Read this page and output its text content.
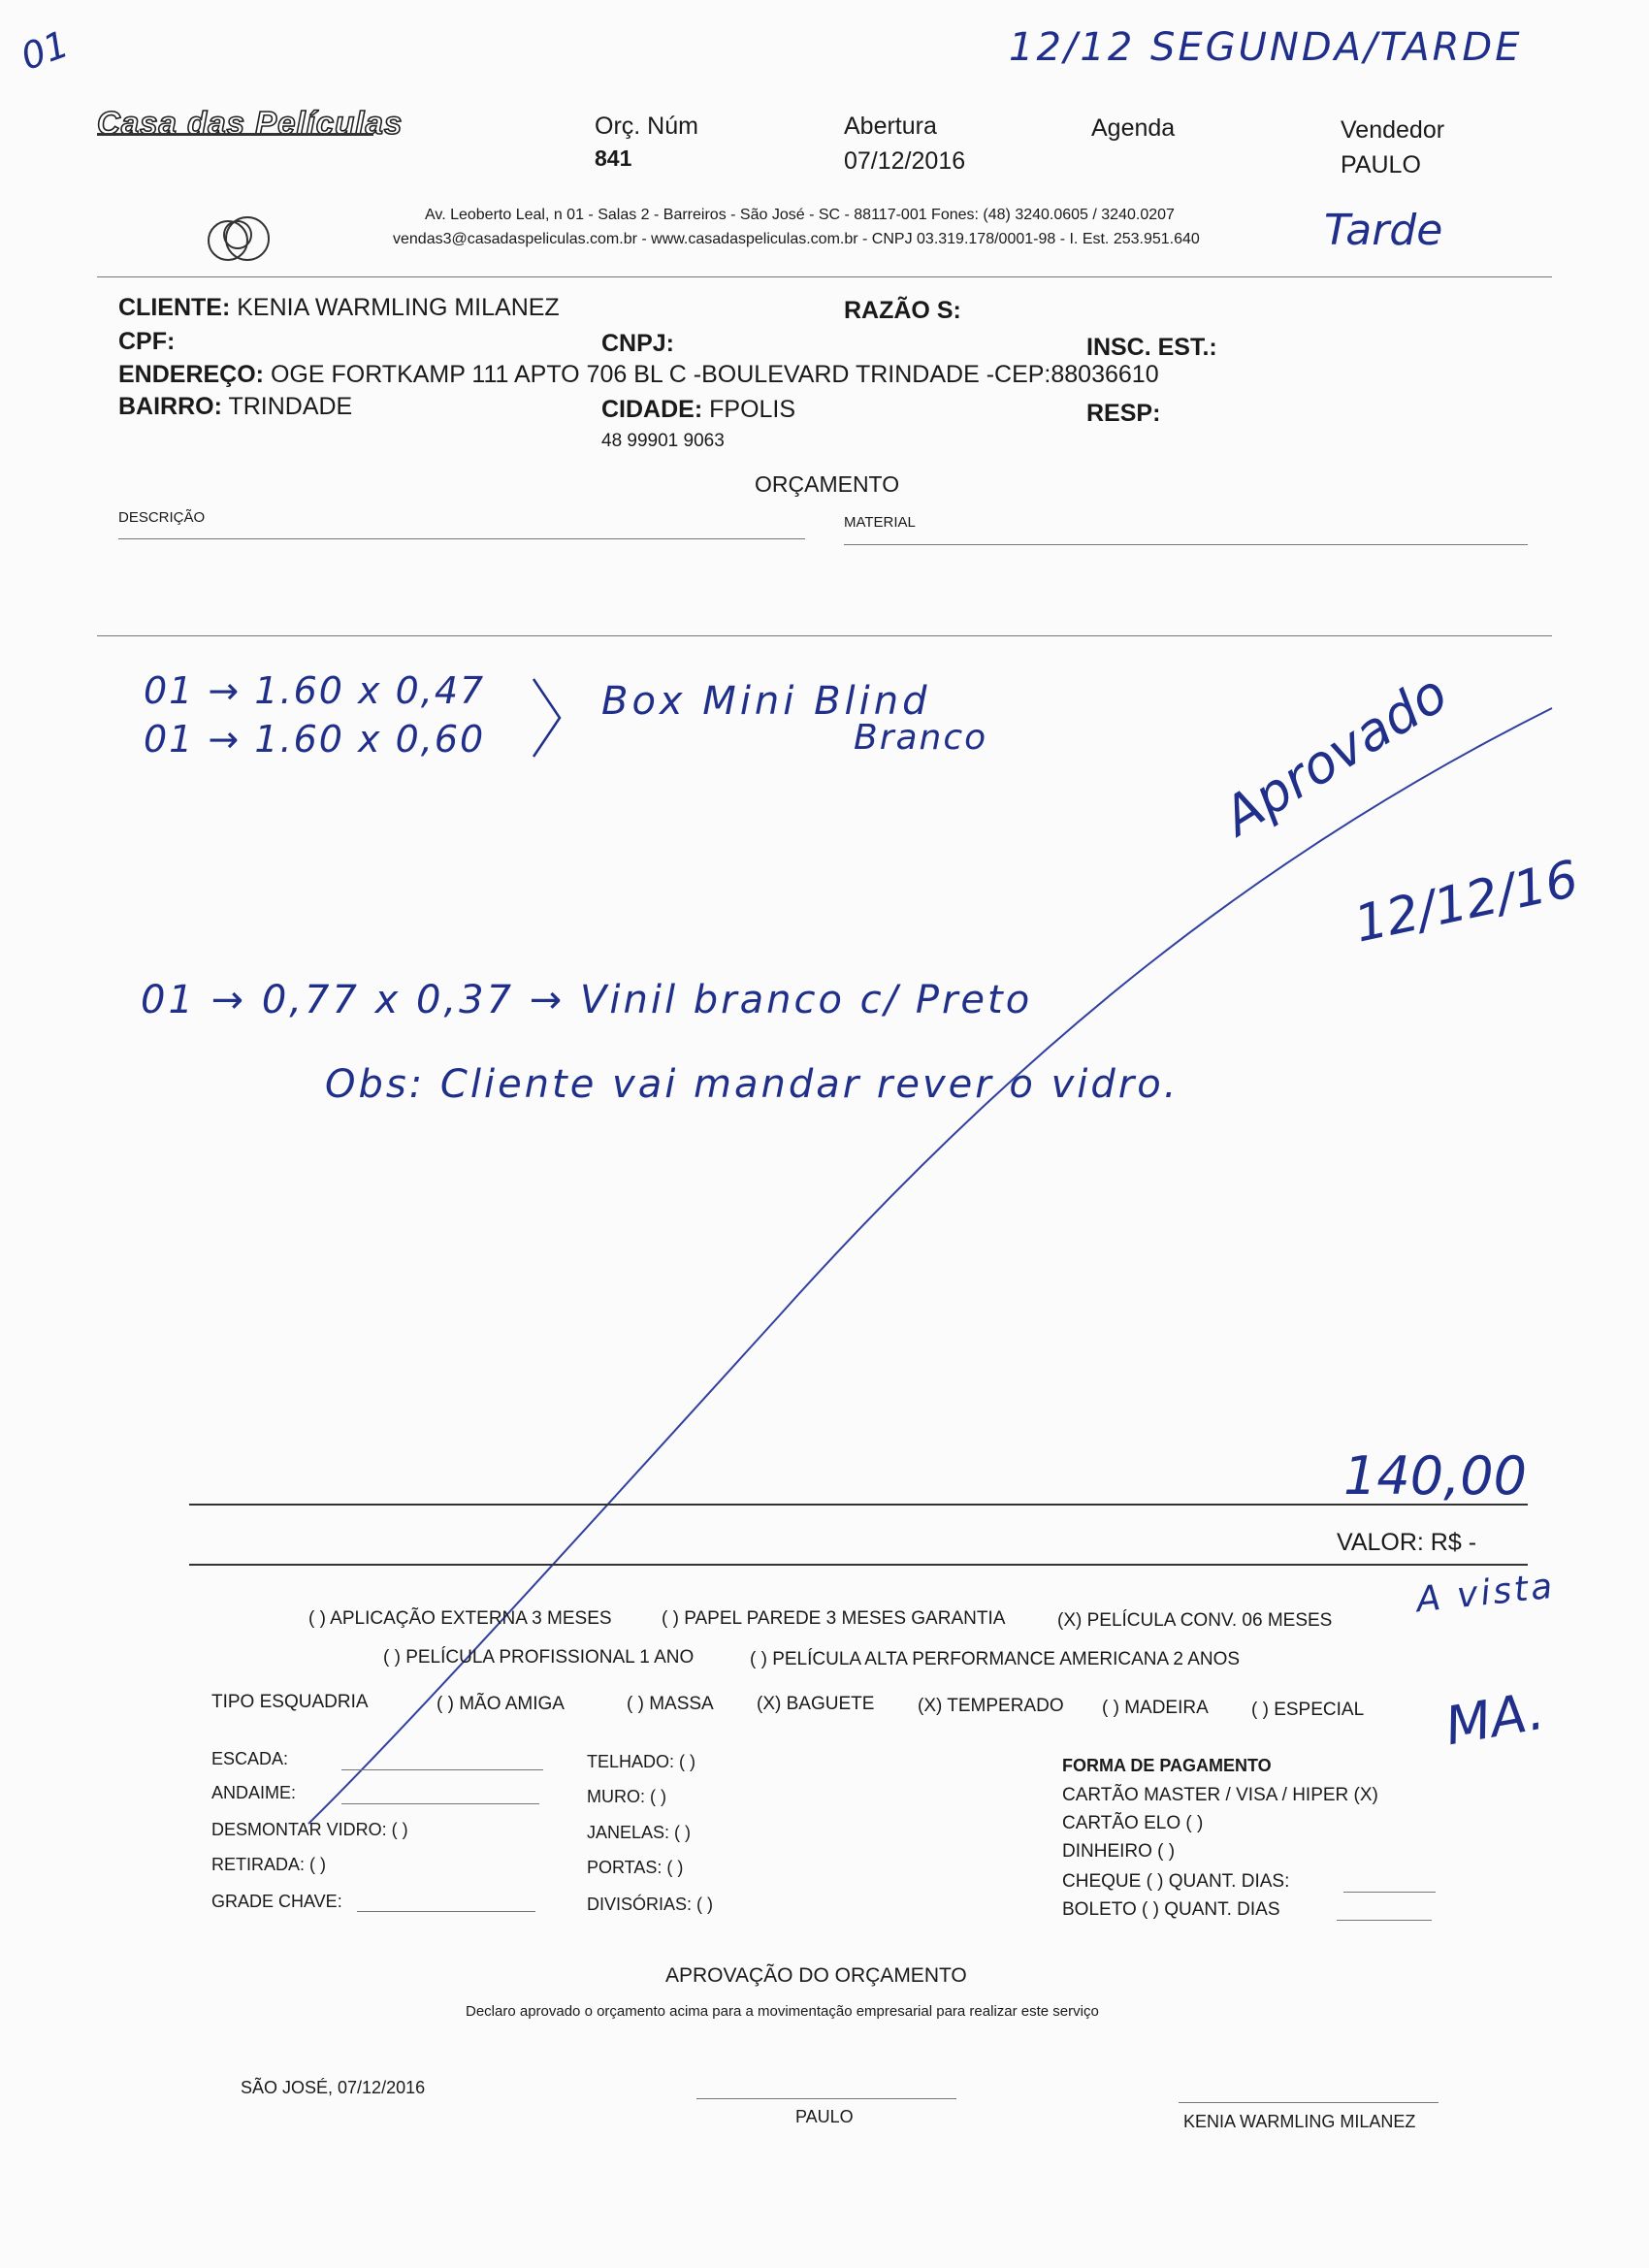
01	12/12 SEGUNDA/TARDE
Casa das Películas	Orç. Núm
841
Abertura
07/12/2016
Agenda	Vendedor
PAULO
Av. Leoberto Leal, n 01 - Salas 2 - Barreiros - São José - SC - 88117-001 Fones: (48) 3240.0605 / 3240.0207
vendas3@casadaspeliculas.com.br - www.casadaspeliculas.com.br - CNPJ 03.319.178/0001-98 - I. Est. 253.951.640	Tarde
CLIENTE: KENIA WARMLING MILANEZ	RAZÃO S:
CPF:	CNPJ:	INSC. EST.:
ENDEREÇO: OGE FORTKAMP 111 APTO 706 BL C -BOULEVARD TRINDADE -CEP:88036610
BAIRRO: TRINDADE	CIDADE: FPOLIS	RESP:
48 99901 9063
ORÇAMENTO
DESCRIÇÃO	MATERIAL
01 → 1.60 x 0,47
01 → 1.60 x 0,60
Box Mini Blind
Branco	Aprovado
12/12/16
01 → 0,77 x 0,37 → Vinil branco c/ Preto
Obs: Cliente vai mandar rever o vidro.
140,00
VALOR: R$ -
A vista
( ) APLICAÇÃO EXTERNA 3 MESES	( ) PAPEL PAREDE 3 MESES GARANTIA	(X) PELÍCULA CONV. 06 MESES
( ) PELÍCULA PROFISSIONAL 1 ANO	( ) PELÍCULA ALTA PERFORMANCE AMERICANA 2 ANOS
TIPO ESQUADRIA	( ) MÃO AMIGA	( ) MASSA (X) BAGUETE (X) TEMPERADO ( ) MADEIRA ( ) ESPECIAL MA.
ESCADA:
ANDAIME:
DESMONTAR VIDRO: ( )
RETIRADA: ( )
GRADE CHAVE:
TELHADO: ( )
MURO: ( )
JANELAS: ( )
PORTAS: ( )
DIVISÓRIAS: ( )
FORMA DE PAGAMENTO
CARTÃO MASTER / VISA / HIPER (X)
CARTÃO ELO ( )
DINHEIRO ( )
CHEQUE ( ) QUANT. DIAS:
BOLETO ( ) QUANT. DIAS
APROVAÇÃO DO ORÇAMENTO
Declaro aprovado o orçamento acima para a movimentação empresarial para realizar este serviço
SÃO JOSÉ, 07/12/2016
PAULO	KENIA WARMLING MILANEZ
